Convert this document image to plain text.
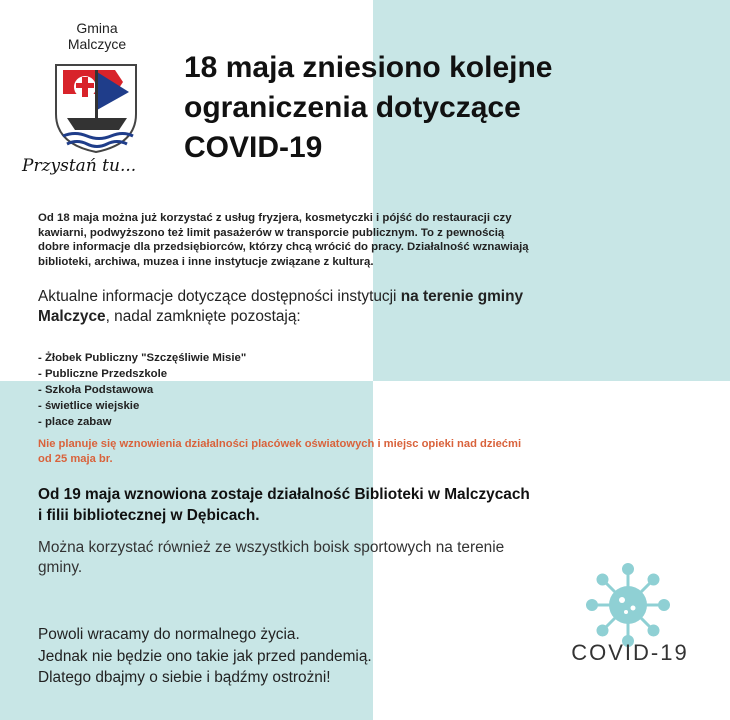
Gmina
Malczyce
Przystań tu...
18 maja zniesiono kolejne
ograniczenia dotyczące
COVID-19
Od 18 maja można już korzystać z usług fryzjera, kosmetyczki i pójść do restauracji czy
kawiarni, podwyższono też limit pasażerów w transporcie publicznym. To z pewnością
dobre informacje dla przedsiębiorców, którzy chcą wrócić do pracy. Działalność wznawiają
biblioteki, archiwa, muzea i inne instytucje związane z kulturą.

Aktualne informacje dotyczące dostępności instytucji na terenie gminy
Malczyce, nadal zamknięte pozostają:

- Żłobek Publiczny "Szczęśliwie Misie"
- Publiczne Przedszkole
- Szkoła Podstawowa
- świetlice wiejskie
- place zabaw
Nie planuje się wznowienia działalności placówek oświatowych i miejsc opieki nad dziećmi
od 25 maja br.
Od 19 maja wznowiona zostaje działalność Biblioteki w Malczycach
i filii bibliotecznej w Dębicach.
Można korzystać również ze wszystkich boisk sportowych na terenie
gminy.
Powoli wracamy do normalnego życia.
Jednak nie będzie ono takie jak przed pandemią.
Dlatego dbajmy o siebie i bądźmy ostrożni!
COVID-19
